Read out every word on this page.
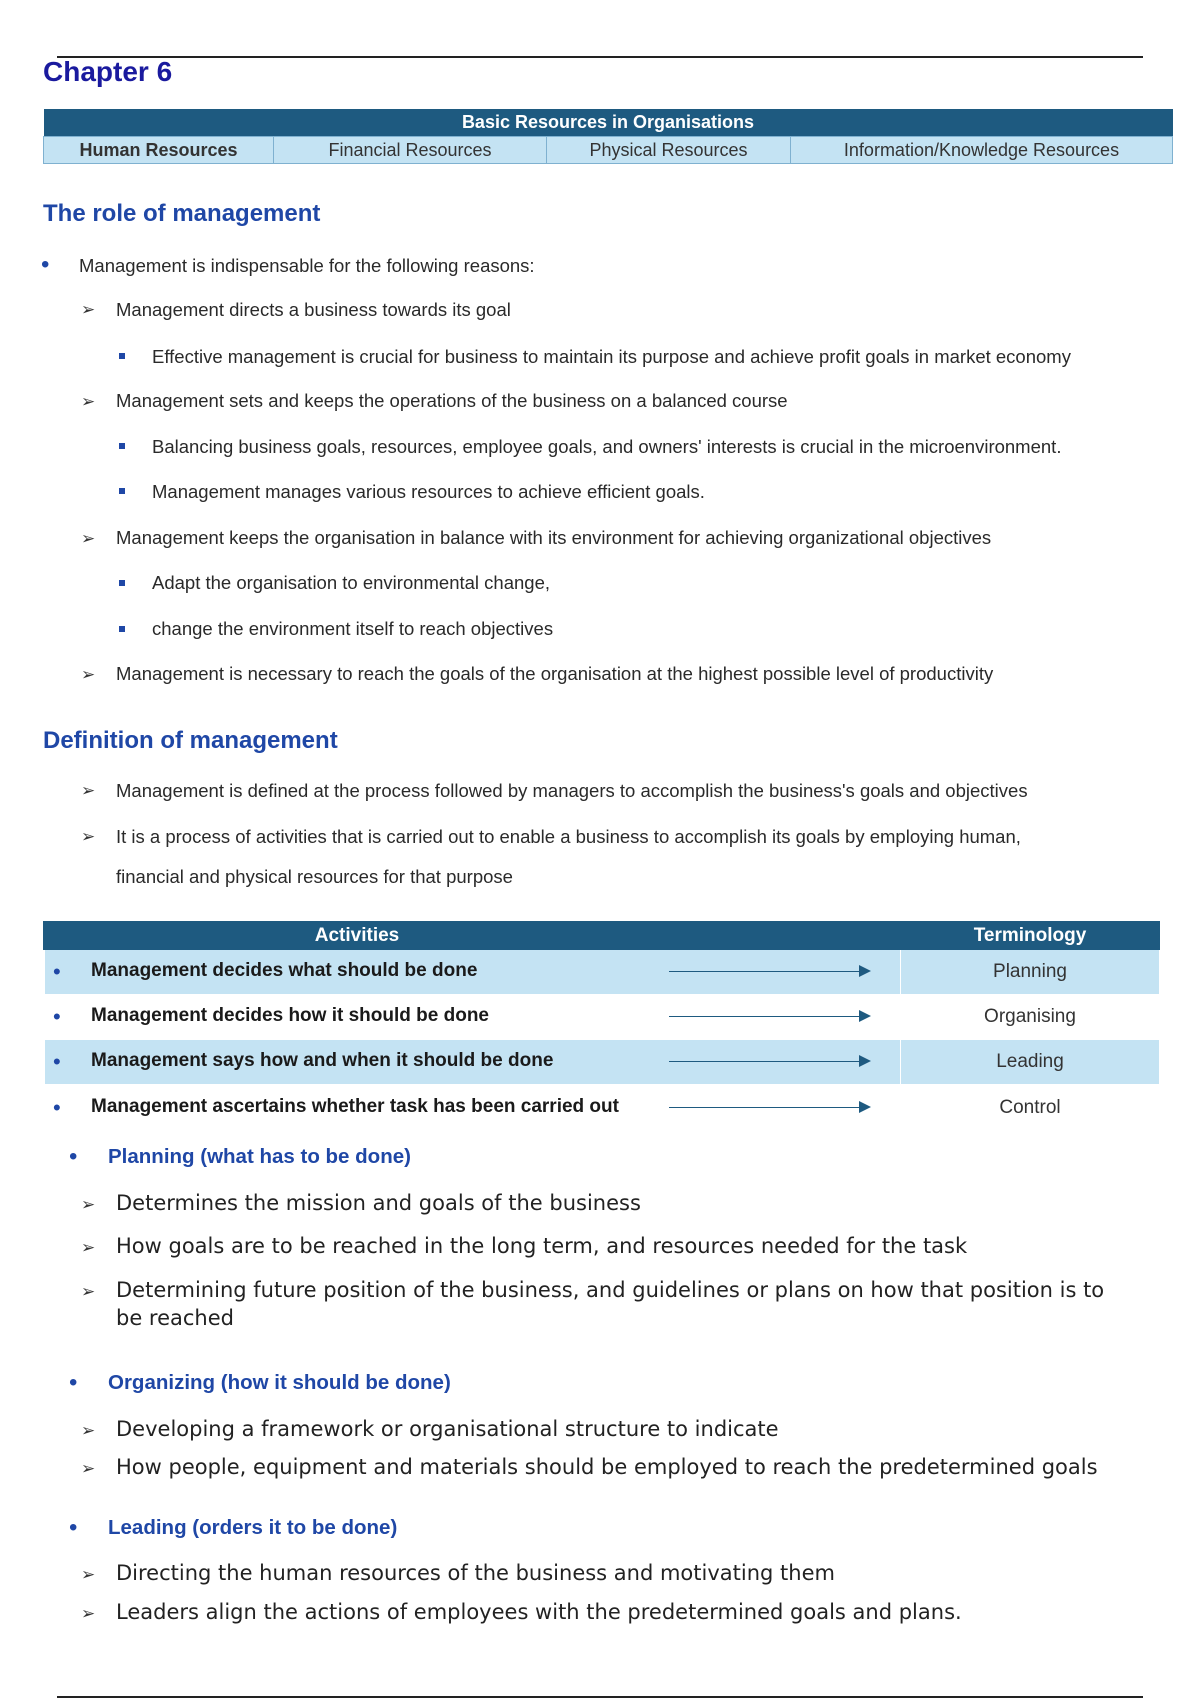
Chapter 6
Basic Resources in Organisations
Human Resources	Financial Resources	Physical Resources	Information/Knowledge Resources
The role of management
• Management is indispensable for the following reasons:
➢ Management directs a business towards its goal
Effective management is crucial for business to maintain its purpose and achieve profit goals in market economy
➢ Management sets and keeps the operations of the business on a balanced course
Balancing business goals, resources, employee goals, and owners' interests is crucial in the microenvironment.
Management manages various resources to achieve efficient goals.
➢ Management keeps the organisation in balance with its environment for achieving organizational objectives
Adapt the organisation to environmental change,
change the environment itself to reach objectives
➢ Management is necessary to reach the goals of the organisation at the highest possible level of productivity
Definition of management
➢ Management is defined at the process followed by managers to accomplish the business's goals and objectives
➢ It is a process of activities that is carried out to enable a business to accomplish its goals by employing human,
financial and physical resources for that purpose
Activities	Terminology
• Management decides what should be done	Planning
• Management decides how it should be done	Organising
• Management says how and when it should be done	Leading
• Management ascertains whether task has been carried out	Control
• Planning (what has to be done)
➢ Determines the mission and goals of the business
➢ How goals are to be reached in the long term, and resources needed for the task
➢ Determining future position of the business, and guidelines or plans on how that position is to
be reached
• Organizing (how it should be done)
➢ Developing a framework or organisational structure to indicate
➢ How people, equipment and materials should be employed to reach the predetermined goals
• Leading (orders it to be done)
➢ Directing the human resources of the business and motivating them
➢ Leaders align the actions of employees with the predetermined goals and plans.
